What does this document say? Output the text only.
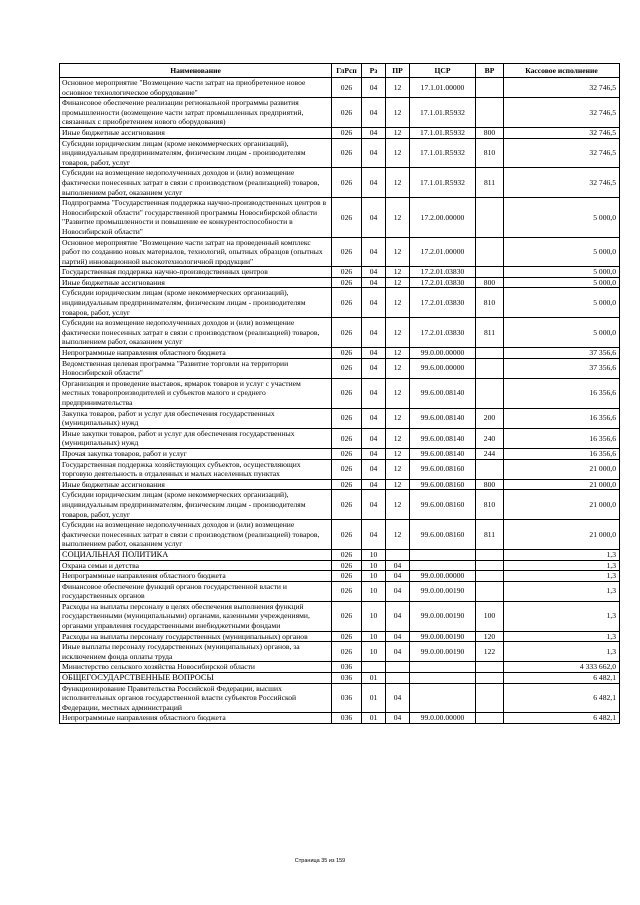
Наименование	ГлРсп	Рз	ПР	ЦСР	ВР	Кассовое исполнение
Основное мероприятие "Возмещение части затрат на приобретенное новое основное технологическое оборудование"	026	04	12	17.1.01.00000		32 746,5
Финансовое обеспечение реализации региональной программы развития промышленности (возмещение части затрат промышленных предприятий, связанных с приобретением нового оборудования)	026	04	12	17.1.01.R5932		32 746,5
Иные бюджетные ассигнования	026	04	12	17.1.01.R5932	800	32 746,5
Субсидии юридическим лицам (кроме некоммерческих организаций), индивидуальным предпринимателям, физическим лицам - производителям товаров, работ, услуг	026	04	12	17.1.01.R5932	810	32 746,5
Субсидии на возмещение недополученных доходов и (или) возмещение фактически понесенных затрат в связи с производством (реализацией) товаров, выполнением работ, оказанием услуг	026	04	12	17.1.01.R5932	811	32 746,5
Подпрограмма "Государственная поддержка научно-производственных центров в Новосибирской области" государственной программы Новосибирской области "Развитие промышленности и повышение ее конкурентоспособности в Новосибирской области"	026	04	12	17.2.00.00000		5 000,0
Основное мероприятие "Возмещение части затрат на проведенный комплекс работ по созданию новых материалов, технологий, опытных образцов (опытных партий) инновационной высокотехнологичной продукции"	026	04	12	17.2.01.00000		5 000,0
Государственная поддержка научно-производственных центров	026	04	12	17.2.01.03830		5 000,0
Иные бюджетные ассигнования	026	04	12	17.2.01.03830	800	5 000,0
Субсидии юридическим лицам (кроме некоммерческих организаций), индивидуальным предпринимателям, физическим лицам - производителям товаров, работ, услуг	026	04	12	17.2.01.03830	810	5 000,0
Субсидии на возмещение недополученных доходов и (или) возмещение фактически понесенных затрат в связи с производством (реализацией) товаров, выполнением работ, оказанием услуг	026	04	12	17.2.01.03830	811	5 000,0
Непрограммные направления областного бюджета	026	04	12	99.0.00.00000		37 356,6
Ведомственная целевая программа "Развитие торговли на территории Новосибирской области"	026	04	12	99.6.00.00000		37 356,6
Организация и проведение выставок, ярмарок товаров и услуг с участием местных товаропроизводителей и субъектов малого и среднего предпринимательства	026	04	12	99.6.00.08140		16 356,6
Закупка товаров, работ и услуг для обеспечения государственных (муниципальных) нужд	026	04	12	99.6.00.08140	200	16 356,6
Иные закупки товаров, работ и услуг для обеспечения государственных (муниципальных) нужд	026	04	12	99.6.00.08140	240	16 356,6
Прочая закупка товаров, работ и услуг	026	04	12	99.6.00.08140	244	16 356,6
Государственная поддержка хозяйствующих субъектов, осуществляющих торговую деятельность в отдаленных и малых населенных пунктах	026	04	12	99.6.00.08160		21 000,0
Иные бюджетные ассигнования	026	04	12	99.6.00.08160	800	21 000,0
Субсидии юридическим лицам (кроме некоммерческих организаций), индивидуальным предпринимателям, физическим лицам - производителям товаров, работ, услуг	026	04	12	99.6.00.08160	810	21 000,0
Субсидии на возмещение недополученных доходов и (или) возмещение фактически понесенных затрат в связи с производством (реализацией) товаров, выполнением работ, оказанием услуг	026	04	12	99.6.00.08160	811	21 000,0
СОЦИАЛЬНАЯ ПОЛИТИКА	026	10				1,3
Охрана семьи и детства	026	10	04			1,3
Непрограммные направления областного бюджета	026	10	04	99.0.00.00000		1,3
Финансовое обеспечение функций органов государственной власти и государственных органов	026	10	04	99.0.00.00190		1,3
Расходы на выплаты персоналу в целях обеспечения выполнения функций государственными (муниципальными) органами, казенными учреждениями, органами управления государственными внебюджетными фондами	026	10	04	99.0.00.00190	100	1,3
Расходы на выплаты персоналу государственных (муниципальных) органов	026	10	04	99.0.00.00190	120	1,3
Иные выплаты персоналу государственных (муниципальных) органов, за исключением фонда оплаты труда	026	10	04	99.0.00.00190	122	1,3
Министерство сельского хозяйства Новосибирской области	036					4 333 662,0
ОБЩЕГОСУДАРСТВЕННЫЕ ВОПРОСЫ	036	01				6 482,1
Функционирование Правительства Российской Федерации, высших исполнительных органов государственной власти субъектов Российской Федерации, местных администраций	036	01	04			6 482,1
Непрограммные направления областного бюджета	036	01	04	99.0.00.00000		6 482,1
Страница 35 из 159
